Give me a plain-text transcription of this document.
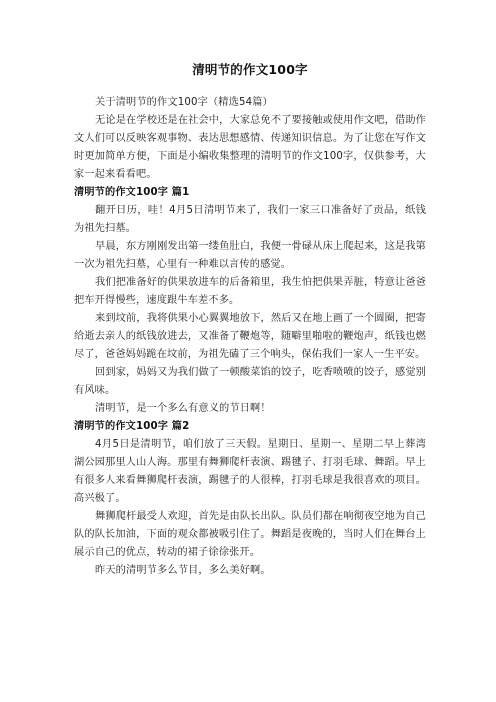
清明节的作文100字

关于清明节的作文100字（精选54篇）

无论是在学校还是在社会中，大家总免不了要接触或使用作文吧，借助作文人们可以反映客观事物、表达思想感情、传递知识信息。为了让您在写作文时更加简单方便，下面是小编收集整理的清明节的作文100字，仅供参考，大家一起来看看吧。

清明节的作文100字 篇1

翻开日历，哇！4月5日清明节来了，我们一家三口准备好了贡品，纸钱为祖先扫墓。

早晨，东方刚刚发出第一缕鱼肚白，我便一骨碌从床上爬起来，这是我第一次为祖先扫墓，心里有一种难以言传的感觉。

我们把准备好的供果放进车的后备箱里，我生怕把供果弄脏，特意让爸爸把车开得慢些，速度跟牛车差不多。

来到坟前，我将供果小心翼翼地放下，然后又在地上画了一个圆圈，把寄给逝去亲人的纸钱放进去，又准备了鞭炮等，随噼里啪啦的鞭炮声，纸钱也燃尽了，爸爸妈妈跪在坟前，为祖先磕了三个响头，保佑我们一家人一生平安。

回到家，妈妈又为我们做了一顿酸菜馅的饺子，吃香喷喷的饺子，感觉别有风味。

清明节，是一个多么有意义的节日啊！

清明节的作文100字 篇2

4月5日是清明节，咱们放了三天假。星期日、星期一、星期二早上葬湾湖公园那里人山人海。那里有舞狮爬杆表演、踢毽子、打羽毛球、舞蹈。早上有很多人来看舞狮爬杆表演，踢毽子的人很棒，打羽毛球是我很喜欢的项目。高兴极了。

舞狮爬杆最受人欢迎，首先是由队长出队。队员们都在响彻夜空地为自己队的队长加油，下面的观众都被吸引住了。舞蹈是夜晚的，当时人们在舞台上展示自己的优点，转动的裙子徐徐张开。

昨天的清明节多么节目，多么美好啊。
